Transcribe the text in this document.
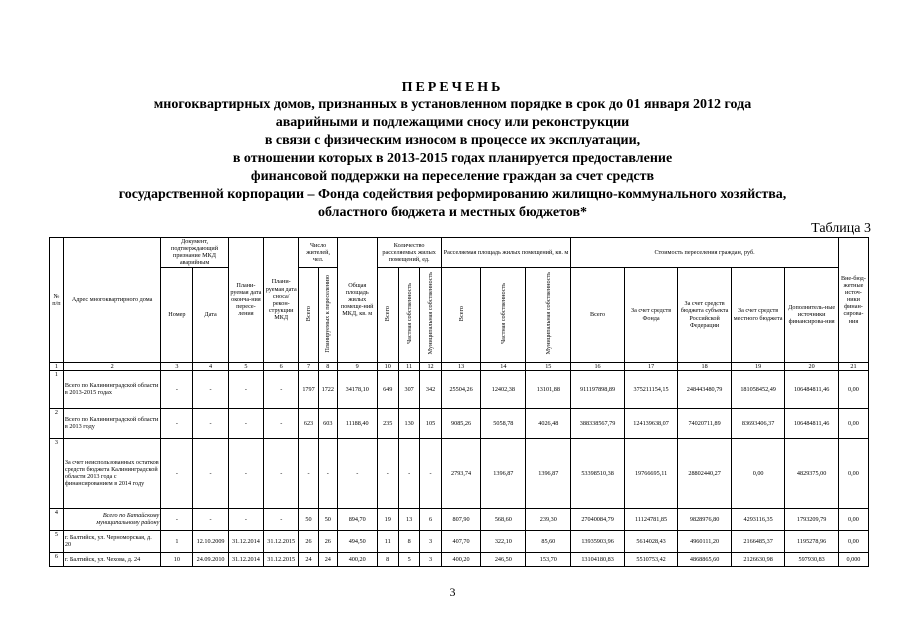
ПЕРЕЧЕНЬ
многоквартирных домов, признанных в установленном порядке в срок до 01 января 2012 года
аварийными и подлежащими сносу или реконструкции
в связи с физическим износом в процессе их эксплуатации,
в отношении которых в 2013-2015 годах планируется предоставление
финансовой поддержки на переселение граждан за счет средств
государственной корпорации – Фонда содействия реформированию жилищно-коммунального хозяйства,
областного бюджета и местных бюджетов*
Таблица 3
№ п/п	Адрес многоквартирного дома	Документ, подтверждающий признание МКД аварийным		Плани-руемая дата оконча-ния пересе-ления	Плани-руемая дата сноса/ рекон-струкции МКД	Число жителей, чел.		Общая площадь жилых помеще-ний МКД, кв. м	Количество расселяемых жилых помещений, ед.			Расселяемая площадь жилых помещений, кв. м			Стоимость переселения граждан, руб.					Вне-бюд-жетные источ-ники финан-сирова-ния
		Номер	Дата			Всего	Планируемых к переселению		Всего	Частная собственность	Муниципальная собственность	Всего	Частная собственность	Муниципальная собственность	Всего	За счет средств Фонда	За счет средств бюджета субъекта Российской Федерации	За счет средств местного бюджета	Дополнитель-ные источники финансирова-ния	
1	2	3	4	5	6	7	8	9	10	11	12	13	14	15	16	17	18	19	20	21
1	Всего по Калининградской области в 2013-2015 годах	-	-	-	-	1797	1722	34178,10	649	307	342	25504,26	12402,38	13101,88	911197898,89	375211154,15	248443480,79	181058452,49	106484811,46	0,00
2	Всего по Калининградской области в 2013 году	-	-	-	-	623	603	11188,40	235	130	105	9085,26	5058,78	4026,48	388338567,79	124139638,07	74020711,89	83693406,37	106484811,46	0,00
3	За счет неиспользованных остатков средств бюджета Калининградской области 2013 года с финансированием в 2014 году	-	-	-	-	-	-	-	-	-	-	2793,74	1396,87	1396,87	53398510,38	19766695,11	28802440,27	0,00	4829375,00	0,00
4	Всего по Батайскому муниципальному району	-	-	-	-	50	50	894,70	19	13	6	807,90	568,60	239,30	27040084,79	11124781,85	9828976,80	4293116,35	1793209,79	0,00
5	г. Балтийск, ул. Черноморская, д. 20	1	12.10.2009	31.12.2014	31.12.2015	26	26	494,50	11	8	3	407,70	322,10	85,60	13935903,96	5614028,43	4960111,20	2166485,37	1195278,96	0,00
6	г. Балтийск, ул. Чехова, д. 24	10	24.09.2010	31.12.2014	31.12.2015	24	24	400,20	8	5	3	400,20	246,50	153,70	13104180,83	5510753,42	4868865,60	2126630,98	597930,83	0,000
3
